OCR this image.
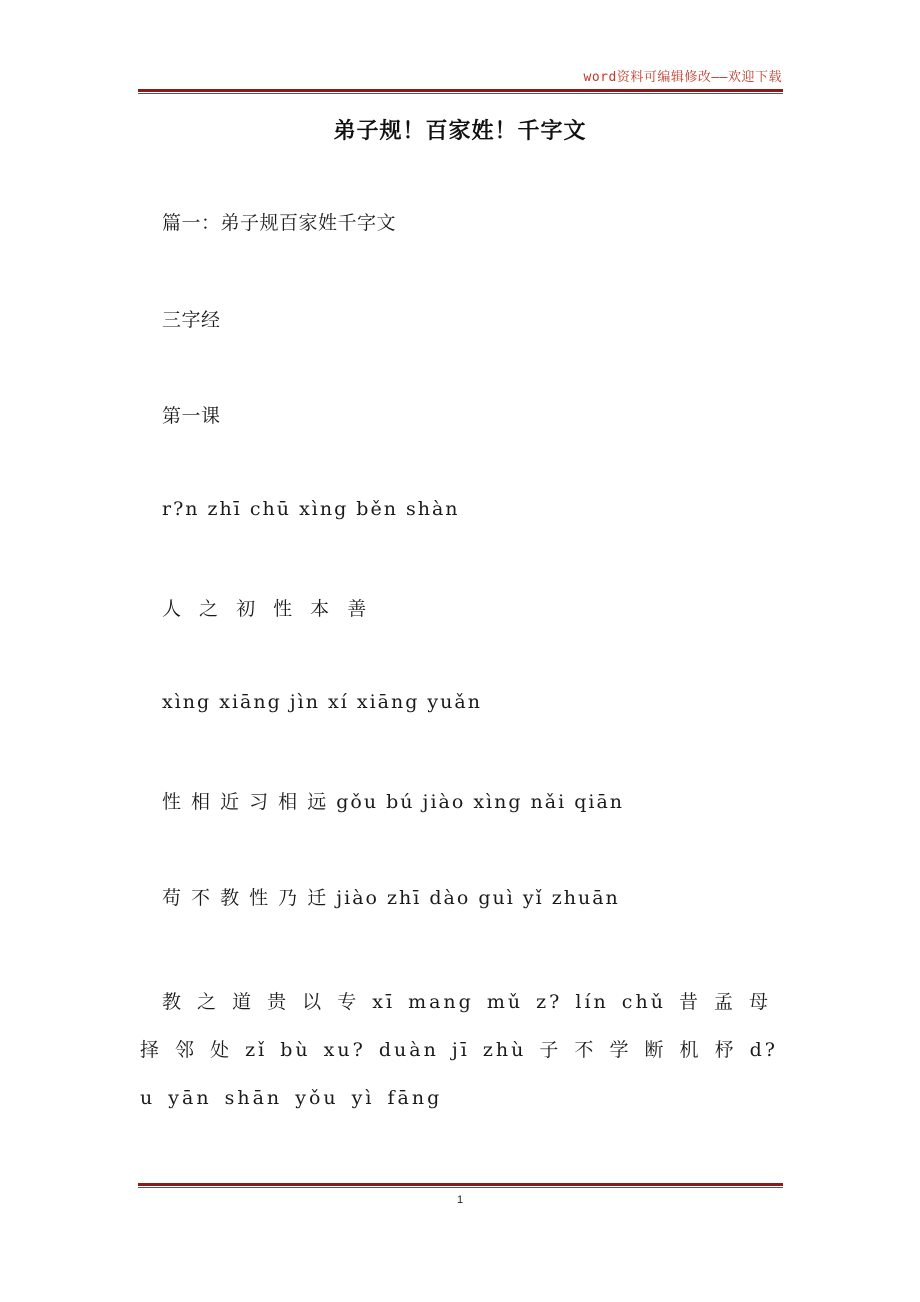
word资料可编辑修改——欢迎下载
弟子规！百家姓！千字文
篇一：弟子规百家姓千字文
三字经
第一课
r?n zhī chū xìng běn shàn
人 之 初 性 本 善
xìng xiāng jìn xí xiāng yuǎn
性 相 近 习 相 远 gǒu bú jiào xìng nǎi qiān
苟 不 教 性 乃 迁 jiào zhī dào guì yǐ zhuān
教 之 道 贵 以 专 xī mang mǔ z? lín chǔ 昔 孟 母 择 邻 处 zǐ bù xu? duàn jī zhù 子 不 学 断 机 杼 d?u yān shān yǒu yì fāng
1
